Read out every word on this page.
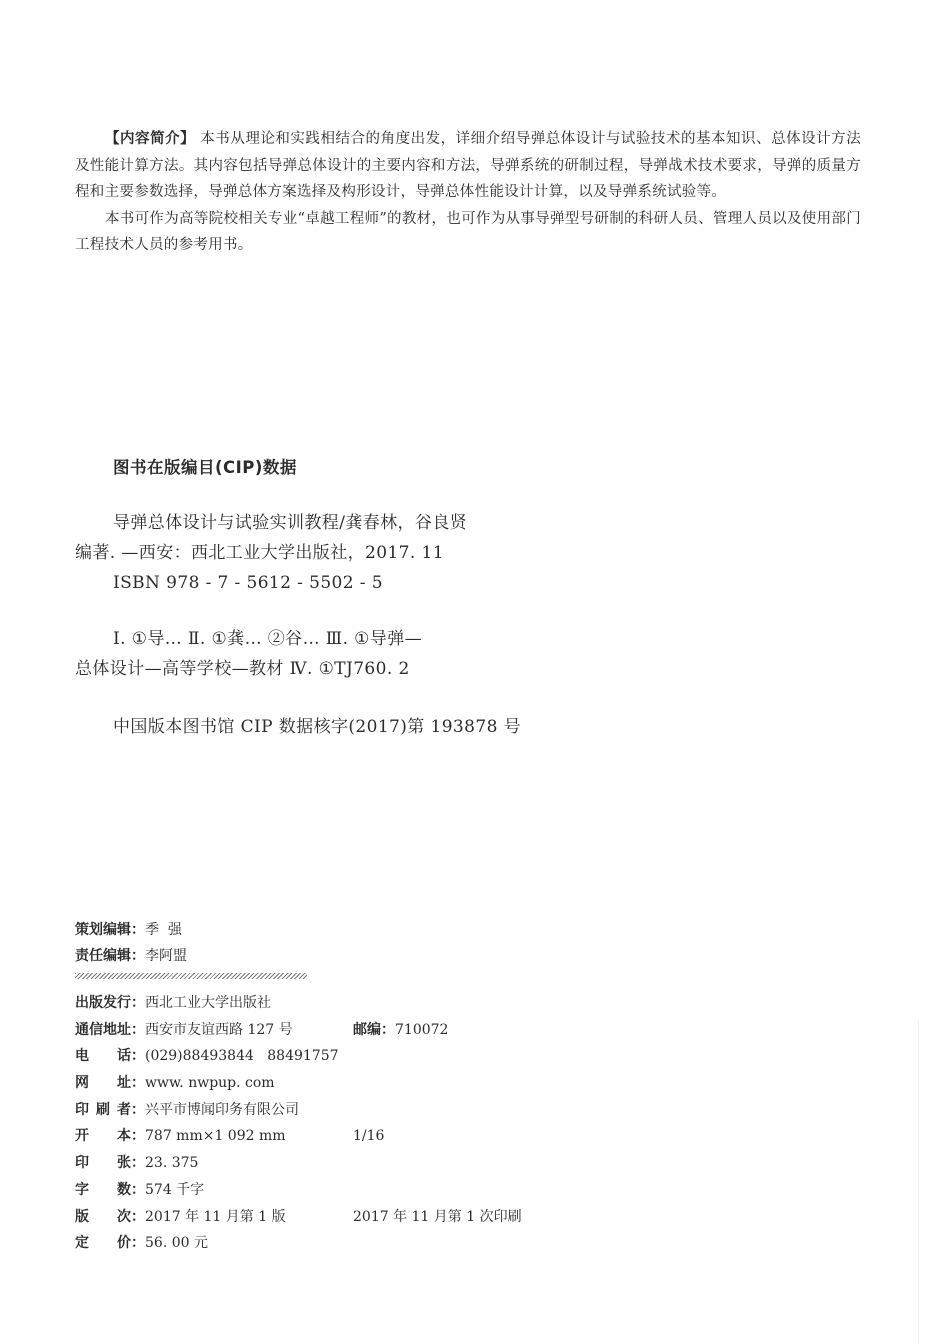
【内容简介】 本书从理论和实践相结合的角度出发，详细介绍导弹总体设计与试验技术的基本知识、总体设计方法及性能计算方法。其内容包括导弹总体设计的主要内容和方法，导弹系统的研制过程，导弹战术技术要求，导弹的质量方程和主要参数选择，导弹总体方案选择及构形设计，导弹总体性能设计计算，以及导弹系统试验等。

本书可作为高等院校相关专业“卓越工程师”的教材，也可作为从事导弹型号研制的科研人员、管理人员以及使用部门工程技术人员的参考用书。

图书在版编目(CIP)数据
导弹总体设计与试验实训教程/龚春林，谷良贤
编著. —西安：西北工业大学出版社，2017. 11
ISBN 978 - 7 - 5612 - 5502 - 5
Ⅰ. ①导… Ⅱ. ①龚… ②谷… Ⅲ. ①导弹—
总体设计—高等学校—教材 Ⅳ. ①TJ760. 2
中国版本图书馆 CIP 数据核字(2017)第 193878 号
策划编辑：季  强
责任编辑：李阿盟
出版发行：西北工业大学出版社
通信地址：西安市友谊西路 127 号	邮编：710072
电 话： (029)88493844   88491757
网 址： www. nwpup. com
印 刷 者： 兴平市博闻印务有限公司
开 本： 787 mm×1 092 mm	1/16
印 张： 23. 375
字 数： 574 千字
版 次： 2017 年 11 月第 1 版	2017 年 11 月第 1 次印刷
定 价： 56. 00 元
